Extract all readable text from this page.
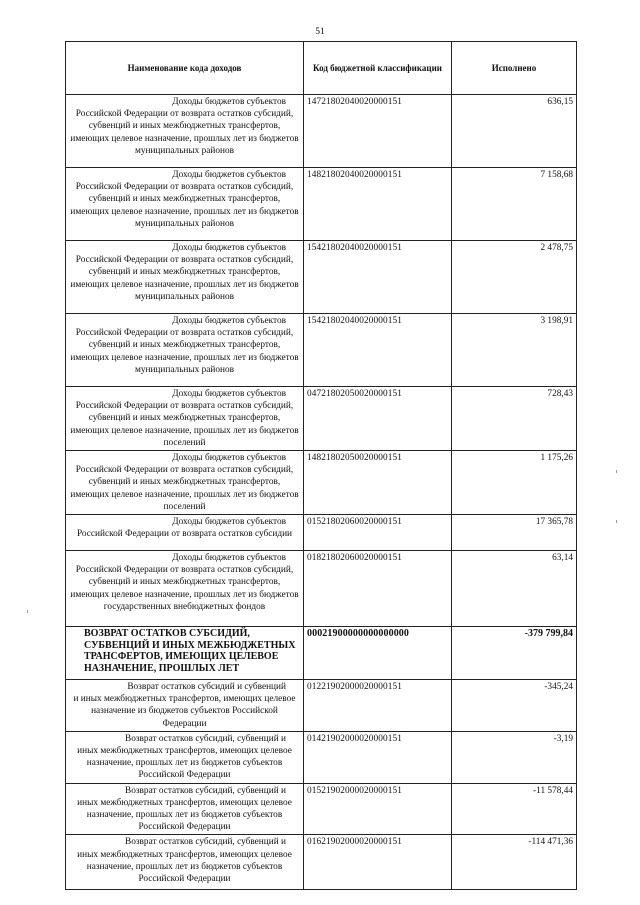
51
Наименование кода доходов	Код бюджетной классификации	Исполнено

Доходы бюджетов субъектов
Российской Федерации от возврата остатков субсидий, субвенций и иных межбюджетных трансфертов, имеющих целевое назначение, прошлых лет из бюджетов муниципальных районов	14721802040020000151	636,15

Доходы бюджетов субъектов
Российской Федерации от возврата остатков субсидий, субвенций и иных межбюджетных трансфертов, имеющих целевое назначение, прошлых лет из бюджетов муниципальных районов	14821802040020000151	7 158,68

Доходы бюджетов субъектов
Российской Федерации от возврата остатков субсидий, субвенций и иных межбюджетных трансфертов, имеющих целевое назначение, прошлых лет из бюджетов муниципальных районов	15421802040020000151	2 478,75

Доходы бюджетов субъектов
Российской Федерации от возврата остатков субсидий, субвенций и иных межбюджетных трансфертов, имеющих целевое назначение, прошлых лет из бюджетов муниципальных районов	15421802040020000151	3 198,91

Доходы бюджетов субъектов
Российской Федерации от возврата остатков субсидий, субвенций и иных межбюджетных трансфертов, имеющих целевое назначение, прошлых лет из бюджетов поселений	04721802050020000151	728,43

Доходы бюджетов субъектов
Российской Федерации от возврата остатков субсидий, субвенций и иных межбюджетных трансфертов, имеющих целевое назначение, прошлых лет из бюджетов поселений	14821802050020000151	1 175,26

Доходы бюджетов субъектов
Российской Федерации от возврата остатков субсидии	01521802060020000151	17 365,78

Доходы бюджетов субъектов
Российской Федерации от возврата остатков субсидий, субвенций и иных межбюджетных трансфертов, имеющих целевое назначение, прошлых лет из бюджетов государственных внебюджетных фондов	01821802060020000151	63,14
ВОЗВРАТ ОСТАТКОВ СУБСИДИЙ, СУБВЕНЦИЙ И ИНЫХ МЕЖБЮДЖЕТНЫХ ТРАНСФЕРТОВ, ИМЕЮЩИХ ЦЕЛЕВОЕ НАЗНАЧЕНИЕ, ПРОШЛЫХ ЛЕТ	00021900000000000000	-379 799,84

Возврат остатков субсидий и субвенций
и иных межбюджетных трансфертов, имеющих целевое назначение из бюджетов субъектов Российской Федерации	01221902000020000151	-345,24

Возврат остатков субсидий, субвенций и
иных межбюджетных трансфертов, имеющих целевое назначение, прошлых лет из бюджетов субъектов Российской Федерации	01421902000020000151	-3,19

Возврат остатков субсидий, субвенций и
иных межбюджетных трансфертов, имеющих целевое назначение, прошлых лет из бюджетов субъектов Российской Федерации	01521902000020000151	-11 578,44

Возврат остатков субсидий, субвенций и
иных межбюджетных трансфертов, имеющих целевое назначение, прошлых лет из бюджетов субъектов Российской Федерации	01621902000020000151	-114 471,36
